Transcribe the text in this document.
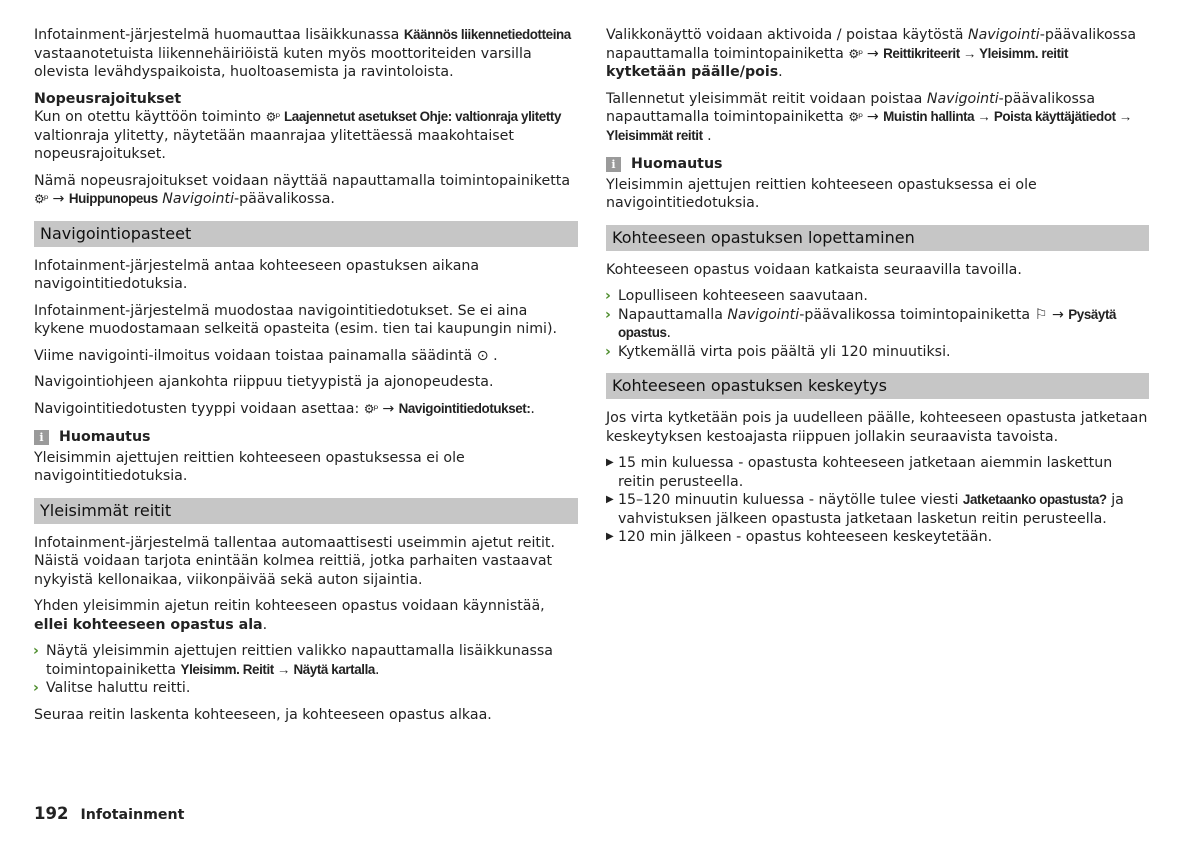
Infotainment-järjestelmä huomauttaa lisäikkunassa Käännös liikennetiedotteina vastaanotetuista liikennehäiriöistä kuten myös moottoriteiden varsilla olevista levähdyspaikoista, huoltoasemista ja ravintoloista.

Nopeusrajoitukset

Kun on otettu käyttöön toiminto ⚙ᵖ Laajennetut asetukset Ohje: valtionraja ylitetty valtionraja ylitetty, näytetään maanrajaa ylitettäessä maakohtaiset nopeusrajoitukset.

Nämä nopeusrajoitukset voidaan näyttää napauttamalla toimintopainiketta ⚙ᵖ → Huippunopeus Navigointi-päävalikossa.

Navigointiopasteet

Infotainment-järjestelmä antaa kohteeseen opastuksen aikana navigointitiedotuksia.

Infotainment-järjestelmä muodostaa navigointitiedotukset. Se ei aina kykene muodostamaan selkeitä opasteita (esim. tien tai kaupungin nimi).

Viime navigointi-ilmoitus voidaan toistaa painamalla säädintä ⊙ .

Navigointiohjeen ajankohta riippuu tietyypistä ja ajonopeudesta.

Navigointitiedotusten tyyppi voidaan asettaa: ⚙ᵖ → Navigointitiedotukset:.

i	Huomautus

Yleisimmin ajettujen reittien kohteeseen opastuksessa ei ole navigointitiedotuksia.

Yleisimmät reitit

Infotainment-järjestelmä tallentaa automaattisesti useimmin ajetut reitit. Näistä voidaan tarjota enintään kolmea reittiä, jotka parhaiten vastaavat nykyistä kellonaikaa, viikonpäivää sekä auton sijaintia.

Yhden yleisimmin ajetun reitin kohteeseen opastus voidaan käynnistää, ellei kohteeseen opastus ala.

› Näytä yleisimmin ajettujen reittien valikko napauttamalla lisäikkunassa toimintopainiketta Yleisimm. Reitit → Näytä kartalla.
› Valitse haluttu reitti.

Seuraa reitin laskenta kohteeseen, ja kohteeseen opastus alkaa.

Valikkonäyttö voidaan aktivoida / poistaa käytöstä Navigointi-päävalikossa napauttamalla toimintopainiketta ⚙ᵖ → Reittikriteerit → Yleisimm. reitit kytketään päälle/pois.

Tallennetut yleisimmät reitit voidaan poistaa Navigointi-päävalikossa napauttamalla toimintopainiketta ⚙ᵖ → Muistin hallinta → Poista käyttäjätiedot → Yleisimmät reitit .

i	Huomautus

Yleisimmin ajettujen reittien kohteeseen opastuksessa ei ole navigointitiedotuksia.

Kohteeseen opastuksen lopettaminen

Kohteeseen opastus voidaan katkaista seuraavilla tavoilla.

› Lopulliseen kohteeseen saavutaan.
› Napauttamalla Navigointi-päävalikossa toimintopainiketta ⚐ → Pysäytä opastus.
› Kytkemällä virta pois päältä yli 120 minuutiksi.
Kohteeseen opastuksen keskeytys

Jos virta kytketään pois ja uudelleen päälle, kohteeseen opastusta jatketaan keskeytyksen kestoajasta riippuen jollakin seuraavista tavoista.

▶ 15 min kuluessa - opastusta kohteeseen jatketaan aiemmin laskettun reitin perusteella.
▶ 15–120 minuutin kuluessa - näytölle tulee viesti Jatketaanko opastusta? ja vahvistuksen jälkeen opastusta jatketaan lasketun reitin perusteella.
▶ 120 min jälkeen - opastus kohteeseen keskeytetään.
192 Infotainment
